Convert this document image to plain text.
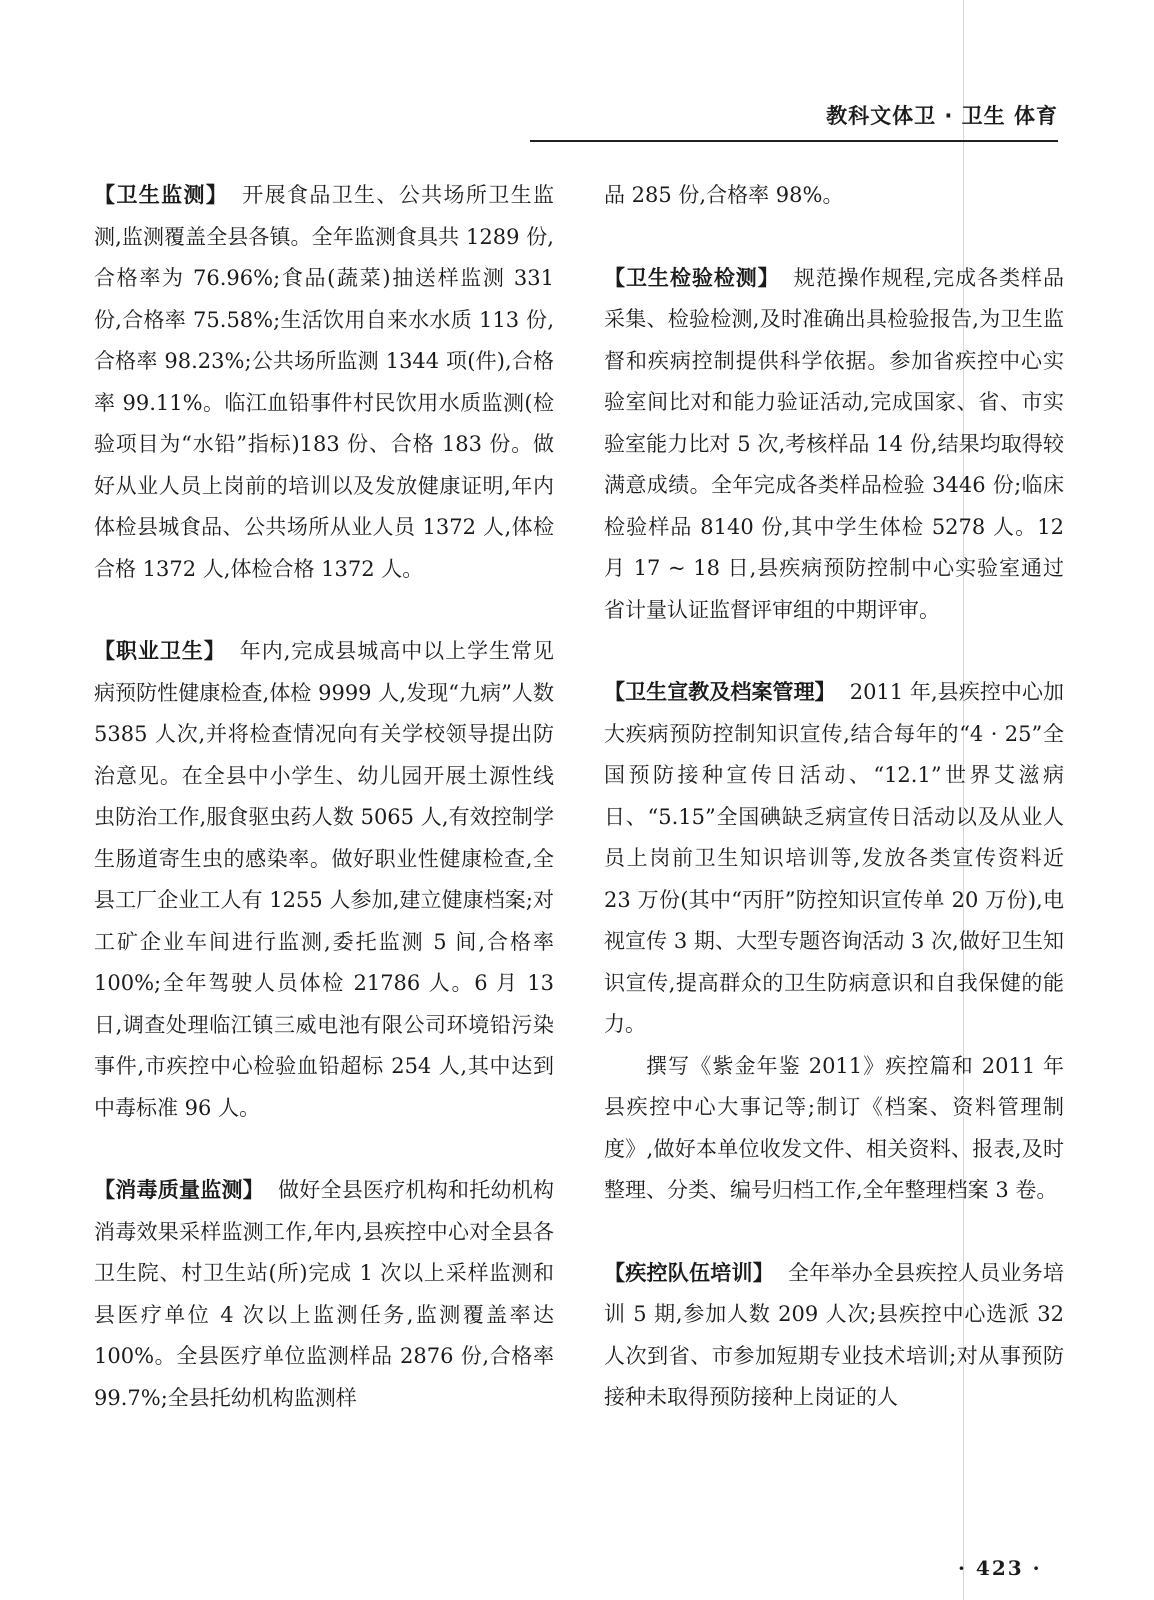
教科文体卫 · 卫生 体育

【卫生监测】 开展食品卫生、公共场所卫生监测,监测覆盖全县各镇。全年监测食具共 1289 份,合格率为 76.96%;食品(蔬菜)抽送样监测 331 份,合格率 75.58%;生活饮用自来水水质 113 份,合格率 98.23%;公共场所监测 1344 项(件),合格率 99.11%。临江血铅事件村民饮用水质监测(检验项目为“水铅”指标)183 份、合格 183 份。做好从业人员上岗前的培训以及发放健康证明,年内体检县城食品、公共场所从业人员 1372 人,体检合格 1372 人,体检合格 1372 人。

【职业卫生】 年内,完成县城高中以上学生常见病预防性健康检查,体检 9999 人,发现“九病”人数 5385 人次,并将检查情况向有关学校领导提出防治意见。在全县中小学生、幼儿园开展土源性线虫防治工作,服食驱虫药人数 5065 人,有效控制学生肠道寄生虫的感染率。做好职业性健康检查,全县工厂企业工人有 1255 人参加,建立健康档案;对工矿企业车间进行监测,委托监测 5 间,合格率 100%;全年驾驶人员体检 21786 人。6 月 13 日,调查处理临江镇三威电池有限公司环境铅污染事件,市疾控中心检验血铅超标 254 人,其中达到中毒标准 96 人。

【消毒质量监测】 做好全县医疗机构和托幼机构消毒效果采样监测工作,年内,县疾控中心对全县各卫生院、村卫生站(所)完成 1 次以上采样监测和县医疗单位 4 次以上监测任务,监测覆盖率达 100%。全县医疗单位监测样品 2876 份,合格率 99.7%;全县托幼机构监测样

品 285 份,合格率 98%。

【卫生检验检测】 规范操作规程,完成各类样品采集、检验检测,及时准确出具检验报告,为卫生监督和疾病控制提供科学依据。参加省疾控中心实验室间比对和能力验证活动,完成国家、省、市实验室能力比对 5 次,考核样品 14 份,结果均取得较满意成绩。全年完成各类样品检验 3446 份;临床检验样品 8140 份,其中学生体检 5278 人。12 月 17 ~ 18 日,县疾病预防控制中心实验室通过省计量认证监督评审组的中期评审。

【卫生宣教及档案管理】 2011 年,县疾控中心加大疾病预防控制知识宣传,结合每年的“4 · 25”全国预防接种宣传日活动、“12.1”世界艾滋病日、“5.15”全国碘缺乏病宣传日活动以及从业人员上岗前卫生知识培训等,发放各类宣传资料近 23 万份(其中“丙肝”防控知识宣传单 20 万份),电视宣传 3 期、大型专题咨询活动 3 次,做好卫生知识宣传,提高群众的卫生防病意识和自我保健的能力。

撰写《紫金年鉴 2011》疾控篇和 2011 年县疾控中心大事记等;制订《档案、资料管理制度》,做好本单位收发文件、相关资料、报表,及时整理、分类、编号归档工作,全年整理档案 3 卷。

【疾控队伍培训】 全年举办全县疾控人员业务培训 5 期,参加人数 209 人次;县疾控中心选派 32 人次到省、市参加短期专业技术培训;对从事预防接种未取得预防接种上岗证的人

· 423 ·
